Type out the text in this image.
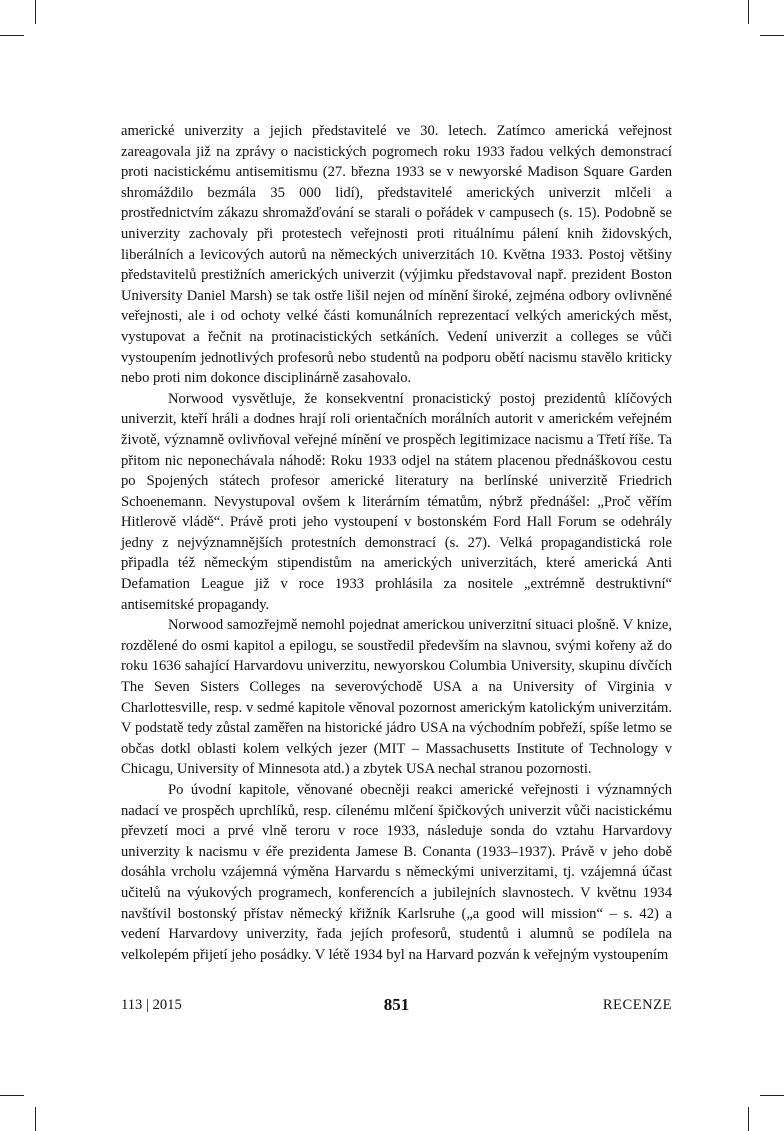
americké univerzity a jejich představitelé ve 30. letech. Zatímco americká veřejnost zareagovala již na zprávy o nacistických pogromech roku 1933 řadou velkých demonstrací proti nacistickému antisemitismu (27. března 1933 se v newyorské Madison Square Garden shromáždilo bezmála 35 000 lidí), představitelé amerických univerzit mlčeli a prostřednictvím zákazu shromažďování se starali o pořádek v campusech (s. 15). Podobně se univerzity zachovaly při protestech veřejnosti proti rituálnímu pálení knih židovských, liberálních a levicových autorů na německých univerzitách 10. Května 1933. Postoj většiny představitelů prestižních amerických univerzit (výjimku představoval např. prezident Boston University Daniel Marsh) se tak ostře lišil nejen od mínění široké, zejména odbory ovlivněné veřejnosti, ale i od ochoty velké části komunálních reprezentací velkých amerických měst, vystupovat a řečnit na protinacistických setkáních. Vedení univerzit a colleges se vůči vystoupením jednotlivých profesorů nebo studentů na podporu obětí nacismu stavělo kriticky nebo proti nim dokonce disciplinárně zasahovalo.

Norwood vysvětluje, že konsekventní pronacistický postoj prezidentů klíčových univerzit, kteří hráli a dodnes hrají roli orientačních morálních autorit v americkém veřejném životě, významně ovlivňoval veřejné mínění ve prospěch legitimizace nacismu a Třetí říše. Ta přitom nic neponechávala náhodě: Roku 1933 odjel na státem placenou přednáškovou cestu po Spojených státech profesor americké literatury na berlínské univerzitě Friedrich Schoenemann. Nevystupoval ovšem k literárním tématům, nýbrž přednášel: „Proč věřím Hitlerově vládě“. Právě proti jeho vystoupení v bostonském Ford Hall Forum se odehrály jedny z nejvýznamnějších protestních demonstrací (s. 27). Velká propagandistická role připadla též německým stipendistům na amerických univerzitách, které americká Anti Defamation League již v roce 1933 prohlásila za nositele „extrémně destruktivní“ antisemitské propagandy.

Norwood samozřejmě nemohl pojednat americkou univerzitní situaci plošně. V knize, rozdělené do osmi kapitol a epilogu, se soustředil především na slavnou, svými kořeny až do roku 1636 sahající Harvardovu univerzitu, newyorskou Columbia University, skupinu dívčích The Seven Sisters Colleges na severovýchodě USA a na University of Virginia v Charlottesville, resp. v sedmé kapitole věnoval pozornost americkým katolickým univerzitám. V podstatě tedy zůstal zaměřen na historické jádro USA na východním pobřeží, spíše letmo se občas dotkl oblasti kolem velkých jezer (MIT – Massachusetts Institute of Technology v Chicagu, University of Minnesota atd.) a zbytek USA nechal stranou pozornosti.

Po úvodní kapitole, věnované obecněji reakci americké veřejnosti i významných nadací ve prospěch uprchlíků, resp. cílenému mlčení špičkových univerzit vůči nacistickému převzetí moci a prvé vlně teroru v roce 1933, následuje sonda do vztahu Harvardovy univerzity k nacismu v éře prezidenta Jamese B. Conanta (1933–1937). Právě v jeho době dosáhla vrcholu vzájemná výměna Harvardu s německými univerzitami, tj. vzájemná účast učitelů na výukových programech, konferencích a jubilejních slavnostech. V květnu 1934 navštívil bostonský přístav německý křižník Karlsruhe („a good will mission“ – s. 42) a vedení Harvardovy univerzity, řada jejích profesorů, studentů i alumnů se podílela na velkolepém přijetí jeho posádky. V létě 1934 byl na Harvard pozván k veřejným vystoupením

113 | 2015	851	RECENZE
